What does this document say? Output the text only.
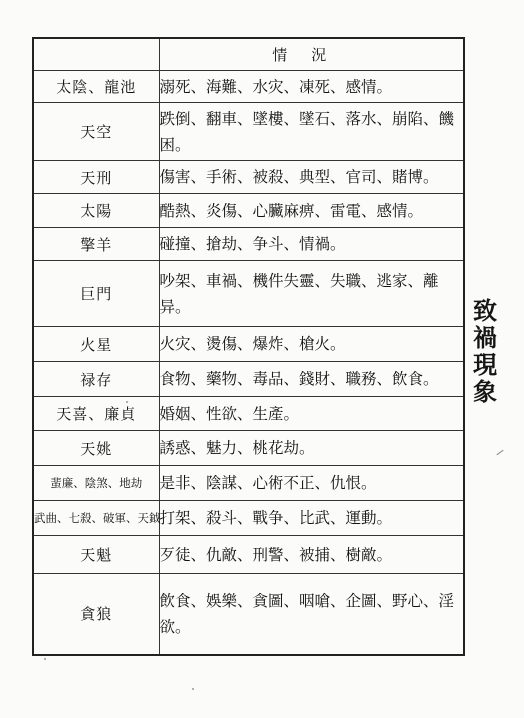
	情況
太陰、龍池	溺死、海難、水灾、凍死、感情。
天空	跌倒、翻車、墜樓、墜石、落水、崩陷、饑困。
天刑	傷害、手術、被殺、典型、官司、賭博。
太陽	酷熱、炎傷、心臟麻痹、雷電、感情。
擎羊	碰撞、搶劫、争斗、情禍。
巨門	吵架、車禍、機件失靈、失職、逃家、離异。
火星	火灾、燙傷、爆炸、槍火。
禄存	食物、藥物、毒品、錢財、職務、飲食。
天喜、廉貞	婚姻、性欲、生產。
天姚	誘惑、魅力、桃花劫。
蜚廉、陰煞、地劫	是非、陰謀、心術不正、仇恨。
武曲、七殺、破軍、天鉞	打架、殺斗、戰争、比武、運動。
天魁	歹徒、仇敵、刑警、被捕、樹敵。
貪狼	飲食、娛樂、貪圖、咽嗆、企圖、野心、淫欲。
致
禍
現
象
